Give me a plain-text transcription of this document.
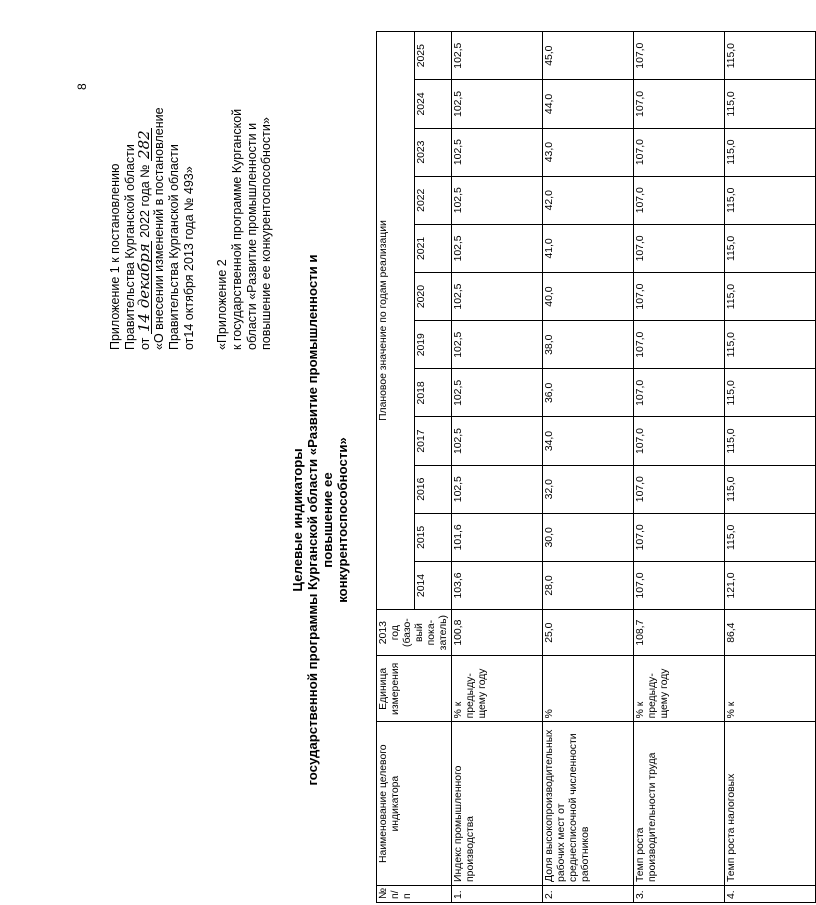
8
Приложение 1 к постановлению Правительства Курганской области от 14 декабря 2022 года № 282 «О внесении изменений в постановление Правительства Курганской области от14 октября 2013 года № 493» «Приложение 2 к государственной программе Курганской области «Развитие промышленности и повышение ее конкурентоспособности»
Целевые индикаторы государственной программы Курганской области «Развитие промышленности и повышение ее конкурентоспособности»
№ п/п	Наименование целевого индикатора	Единица измерения	2013 год (базо-вый пока-затель)	Плановое значение по годам реализации											
				2014	2015	2016	2017	2018	2019	2020	2021	2022	2023	2024	2025
1.	Индекс промышленного производства	% к предыду-щему году	100,8	103,6	101,6	102,5	102,5	102,5	102,5	102,5	102,5	102,5	102,5	102,5	102,5
2.	Доля высокопроизводительных рабочих мест от среднесписочной численности работников	%	25,0	28,0	30,0	32,0	34,0	36,0	38,0	40,0	41,0	42,0	43,0	44,0	45,0
3.	Темп роста производительности труда	% к предыду-щему году	108,7	107,0	107,0	107,0	107,0	107,0	107,0	107,0	107,0	107,0	107,0	107,0	107,0
4.	Темп роста налоговых	% к	86,4	121,0	115,0	115,0	115,0	115,0	115,0	115,0	115,0	115,0	115,0	115,0	115,0
